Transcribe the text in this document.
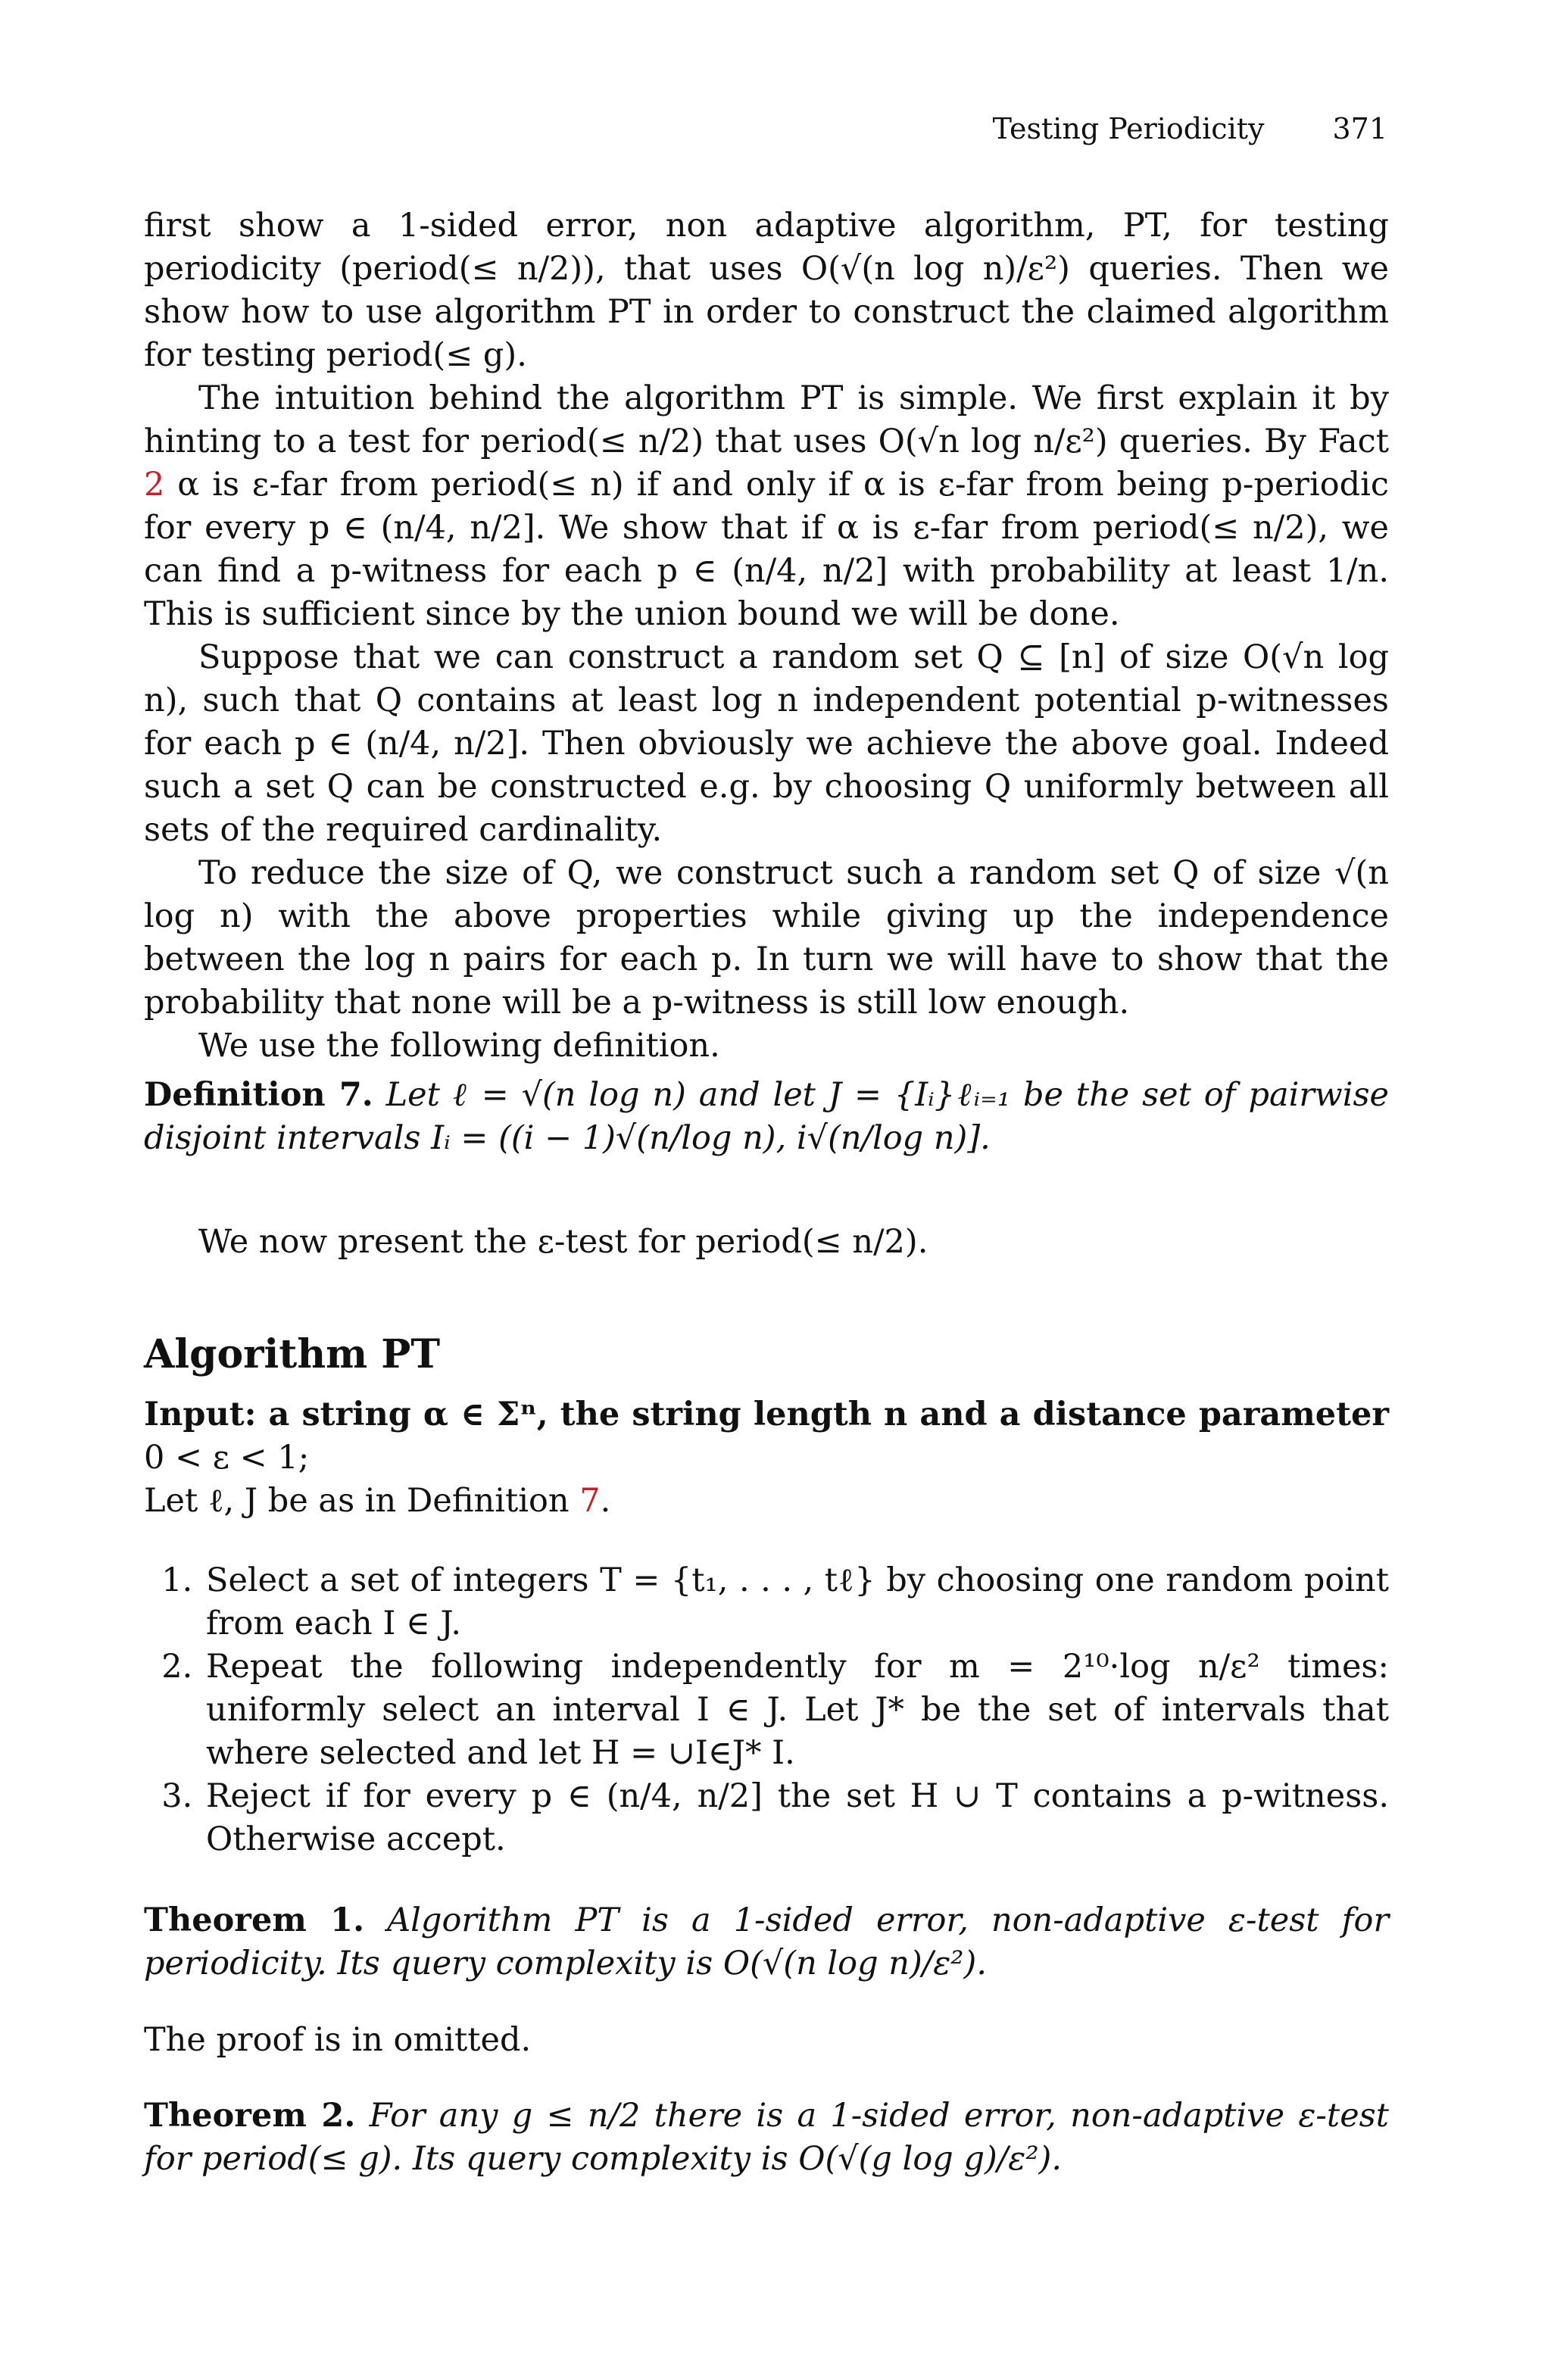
Testing Periodicity 371

first show a 1-sided error, non adaptive algorithm, PT, for testing periodicity (period(≤ n/2)), that uses O(√(n log n)/ε²) queries. Then we show how to use algorithm PT in order to construct the claimed algorithm for testing period(≤ g).

The intuition behind the algorithm PT is simple. We first explain it by hinting to a test for period(≤ n/2) that uses O(√n log n/ε²) queries. By Fact 2 α is ε-far from period(≤ n) if and only if α is ε-far from being p-periodic for every p ∈ (n/4, n/2]. We show that if α is ε-far from period(≤ n/2), we can find a p-witness for each p ∈ (n/4, n/2] with probability at least 1/n. This is sufficient since by the union bound we will be done.

Suppose that we can construct a random set Q ⊆ [n] of size O(√n log n), such that Q contains at least log n independent potential p-witnesses for each p ∈ (n/4, n/2]. Then obviously we achieve the above goal. Indeed such a set Q can be constructed e.g. by choosing Q uniformly between all sets of the required cardinality.

To reduce the size of Q, we construct such a random set Q of size √(n log n) with the above properties while giving up the independence between the log n pairs for each p. In turn we will have to show that the probability that none will be a p-witness is still low enough.

We use the following definition.

Definition 7. Let ℓ = √(n log n) and let J = {Iᵢ}ℓᵢ₌₁ be the set of pairwise disjoint intervals Iᵢ = ((i − 1)√(n/log n), i√(n/log n)].

We now present the ε-test for period(≤ n/2).

Algorithm PT

Input: a string α ∈ Σⁿ, the string length n and a distance parameter 0 < ε < 1;

Let ℓ, J be as in Definition 7.

1. Select a set of integers T = {t₁, . . . , tℓ} by choosing one random point from each I ∈ J.
2. Repeat the following independently for m = 2¹⁰·log n/ε² times: uniformly select an interval I ∈ J. Let J* be the set of intervals that where selected and let H = ∪I∈J* I.
3. Reject if for every p ∈ (n/4, n/2] the set H ∪ T contains a p-witness. Otherwise accept.

Theorem 1. Algorithm PT is a 1-sided error, non-adaptive ε-test for periodicity. Its query complexity is O(√(n log n)/ε²).

The proof is in omitted.

Theorem 2. For any g ≤ n/2 there is a 1-sided error, non-adaptive ε-test for period(≤ g). Its query complexity is O(√(g log g)/ε²).
